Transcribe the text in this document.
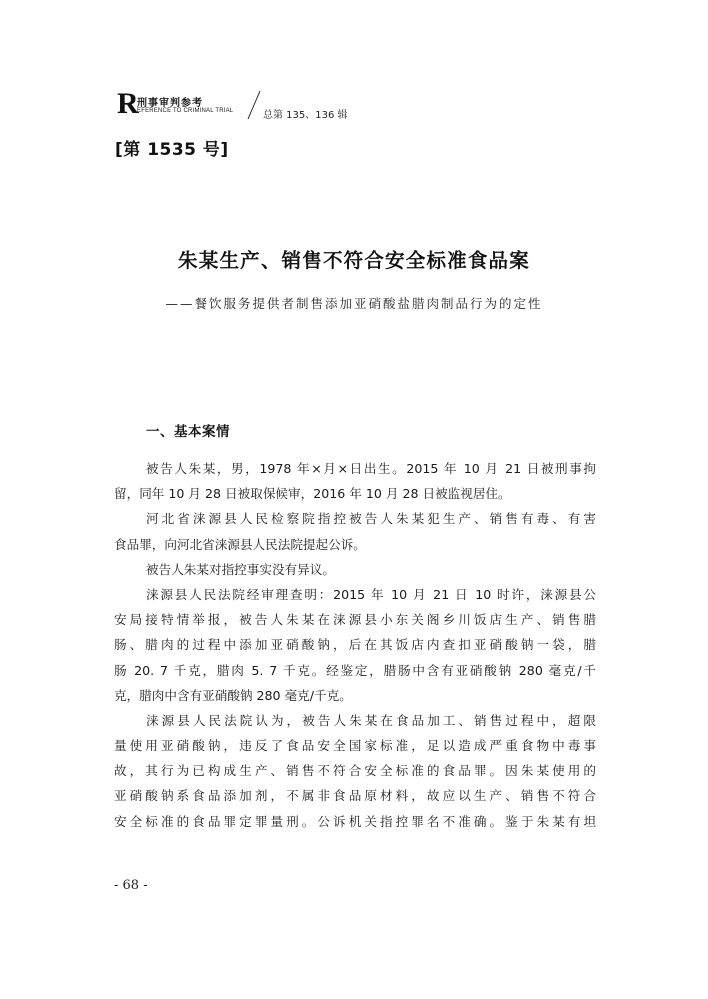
R
刑事审判参考
EFERENCE TO CRIMINAL TRIAL	总第 135、136 辑
[第 1535 号]
朱某生产、销售不符合安全标准食品案
——餐饮服务提供者制售添加亚硝酸盐腊肉制品行为的定性
一、基本案情
被告人朱某，男，1978 年×月×日出生。2015 年 10 月 21 日被刑事拘
留，同年 10 月 28 日被取保候审，2016 年 10 月 28 日被监视居住。
河北省涞源县人民检察院指控被告人朱某犯生产、销售有毒、有害
食品罪，向河北省涞源县人民法院提起公诉。
被告人朱某对指控事实没有异议。
涞源县人民法院经审理查明：2015 年 10 月 21 日 10 时许，涞源县公
安局接特情举报，被告人朱某在涞源县小东关阁乡川饭店生产、销售腊
肠、腊肉的过程中添加亚硝酸钠，后在其饭店内查扣亚硝酸钠一袋，腊
肠 20. 7 千克，腊肉 5. 7 千克。经鉴定，腊肠中含有亚硝酸钠 280 毫克/千
克，腊肉中含有亚硝酸钠 280 毫克/千克。
涞源县人民法院认为，被告人朱某在食品加工、销售过程中，超限
量使用亚硝酸钠，违反了食品安全国家标准，足以造成严重食物中毒事
故，其行为已构成生产、销售不符合安全标准的食品罪。因朱某使用的
亚硝酸钠系食品添加剂，不属非食品原材料，故应以生产、销售不符合
安全标准的食品罪定罪量刑。公诉机关指控罪名不准确。鉴于朱某有坦
- 68 -
